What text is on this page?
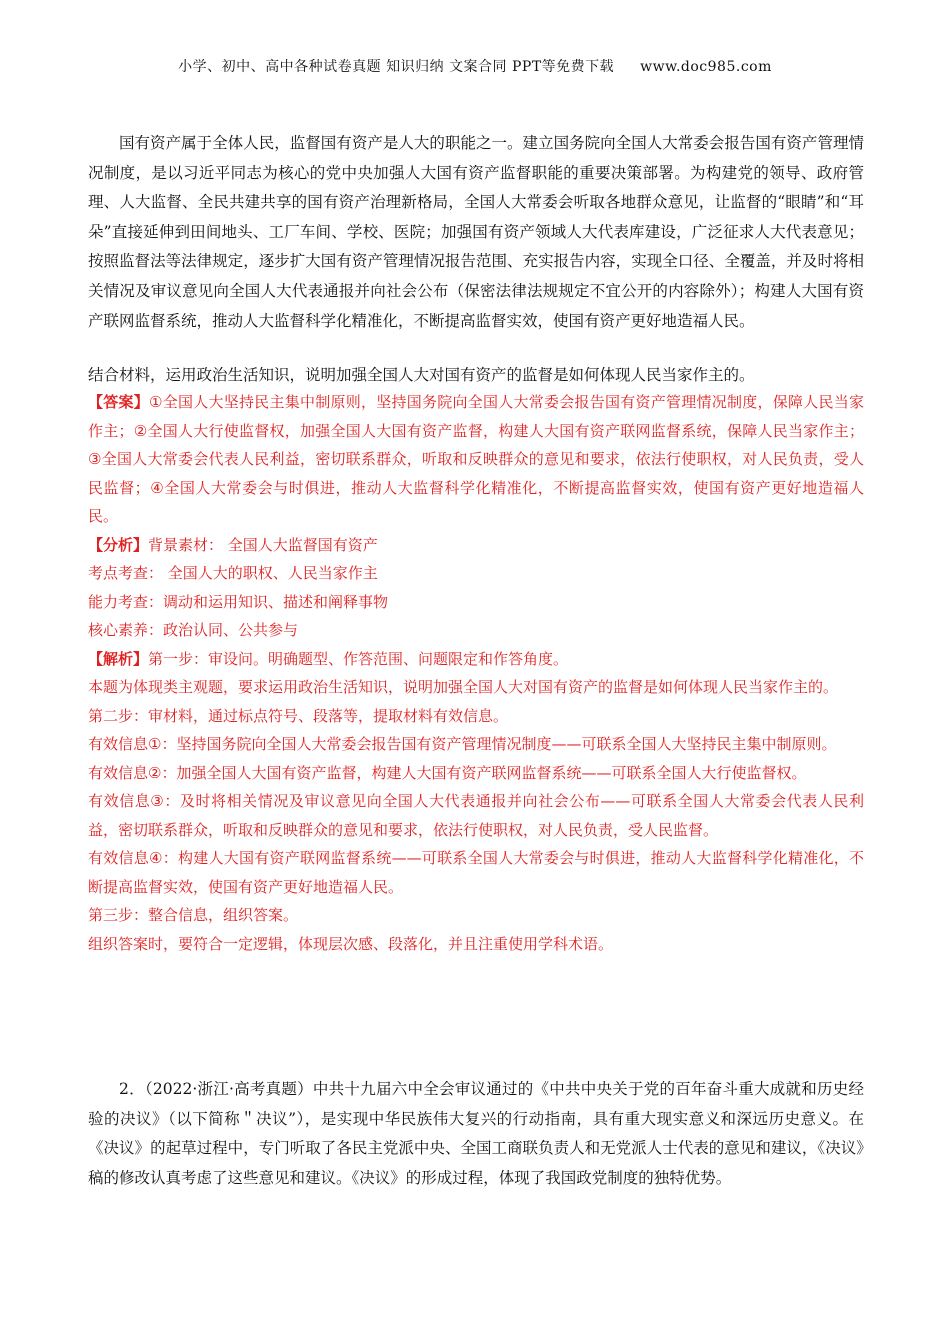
小学、初中、高中各种试卷真题 知识归纳 文案合同 PPT等免费下载 www.doc985.com

国有资产属于全体人民，监督国有资产是人大的职能之一。建立国务院向全国人大常委会报告国有资产管理情况制度，是以习近平同志为核心的党中央加强人大国有资产监督职能的重要决策部署。为构建党的领导、政府管理、人大监督、全民共建共享的国有资产治理新格局，全国人大常委会听取各地群众意见，让监督的“眼睛”和“耳朵”直接延伸到田间地头、工厂车间、学校、医院；加强国有资产领域人大代表库建设，广泛征求人大代表意见；按照监督法等法律规定，逐步扩大国有资产管理情况报告范围、充实报告内容，实现全口径、全覆盖，并及时将相关情况及审议意见向全国人大代表通报并向社会公布（保密法律法规规定不宜公开的内容除外）；构建人大国有资产联网监督系统，推动人大监督科学化精准化，不断提高监督实效，使国有资产更好地造福人民。

结合材料，运用政治生活知识，说明加强全国人大对国有资产的监督是如何体现人民当家作主的。

【答案】①全国人大坚持民主集中制原则，坚持国务院向全国人大常委会报告国有资产管理情况制度，保障人民当家作主；②全国人大行使监督权，加强全国人大国有资产监督，构建人大国有资产联网监督系统，保障人民当家作主；③全国人大常委会代表人民利益，密切联系群众，听取和反映群众的意见和要求，依法行使职权，对人民负责，受人民监督；④全国人大常委会与时俱进，推动人大监督科学化精准化，不断提高监督实效，使国有资产更好地造福人民。

【分析】背景素材： 全国人大监督国有资产

考点考查： 全国人大的职权、人民当家作主

能力考查：调动和运用知识、描述和阐释事物

核心素养：政治认同、公共参与

【解析】第一步：审设问。明确题型、作答范围、问题限定和作答角度。

本题为体现类主观题，要求运用政治生活知识，说明加强全国人大对国有资产的监督是如何体现人民当家作主的。

第二步：审材料，通过标点符号、段落等，提取材料有效信息。

有效信息①：坚持国务院向全国人大常委会报告国有资产管理情况制度——可联系全国人大坚持民主集中制原则。

有效信息②：加强全国人大国有资产监督，构建人大国有资产联网监督系统——可联系全国人大行使监督权。

有效信息③：及时将相关情况及审议意见向全国人大代表通报并向社会公布——可联系全国人大常委会代表人民利益，密切联系群众，听取和反映群众的意见和要求，依法行使职权，对人民负责，受人民监督。

有效信息④：构建人大国有资产联网监督系统——可联系全国人大常委会与时俱进，推动人大监督科学化精准化，不断提高监督实效，使国有资产更好地造福人民。

第三步：整合信息，组织答案。

组织答案时，要符合一定逻辑，体现层次感、段落化，并且注重使用学科术语。

2．（2022·浙江·高考真题）中共十九届六中全会审议通过的《中共中央关于党的百年奋斗重大成就和历史经验的决议》（以下简称＂决议”），是实现中华民族伟大复兴的行动指南，具有重大现实意义和深远历史意义。在《决议》的起草过程中，专门听取了各民主党派中央、全国工商联负责人和无党派人士代表的意见和建议，《决议》稿的修改认真考虑了这些意见和建议。《决议》的形成过程，体现了我国政党制度的独特优势。
